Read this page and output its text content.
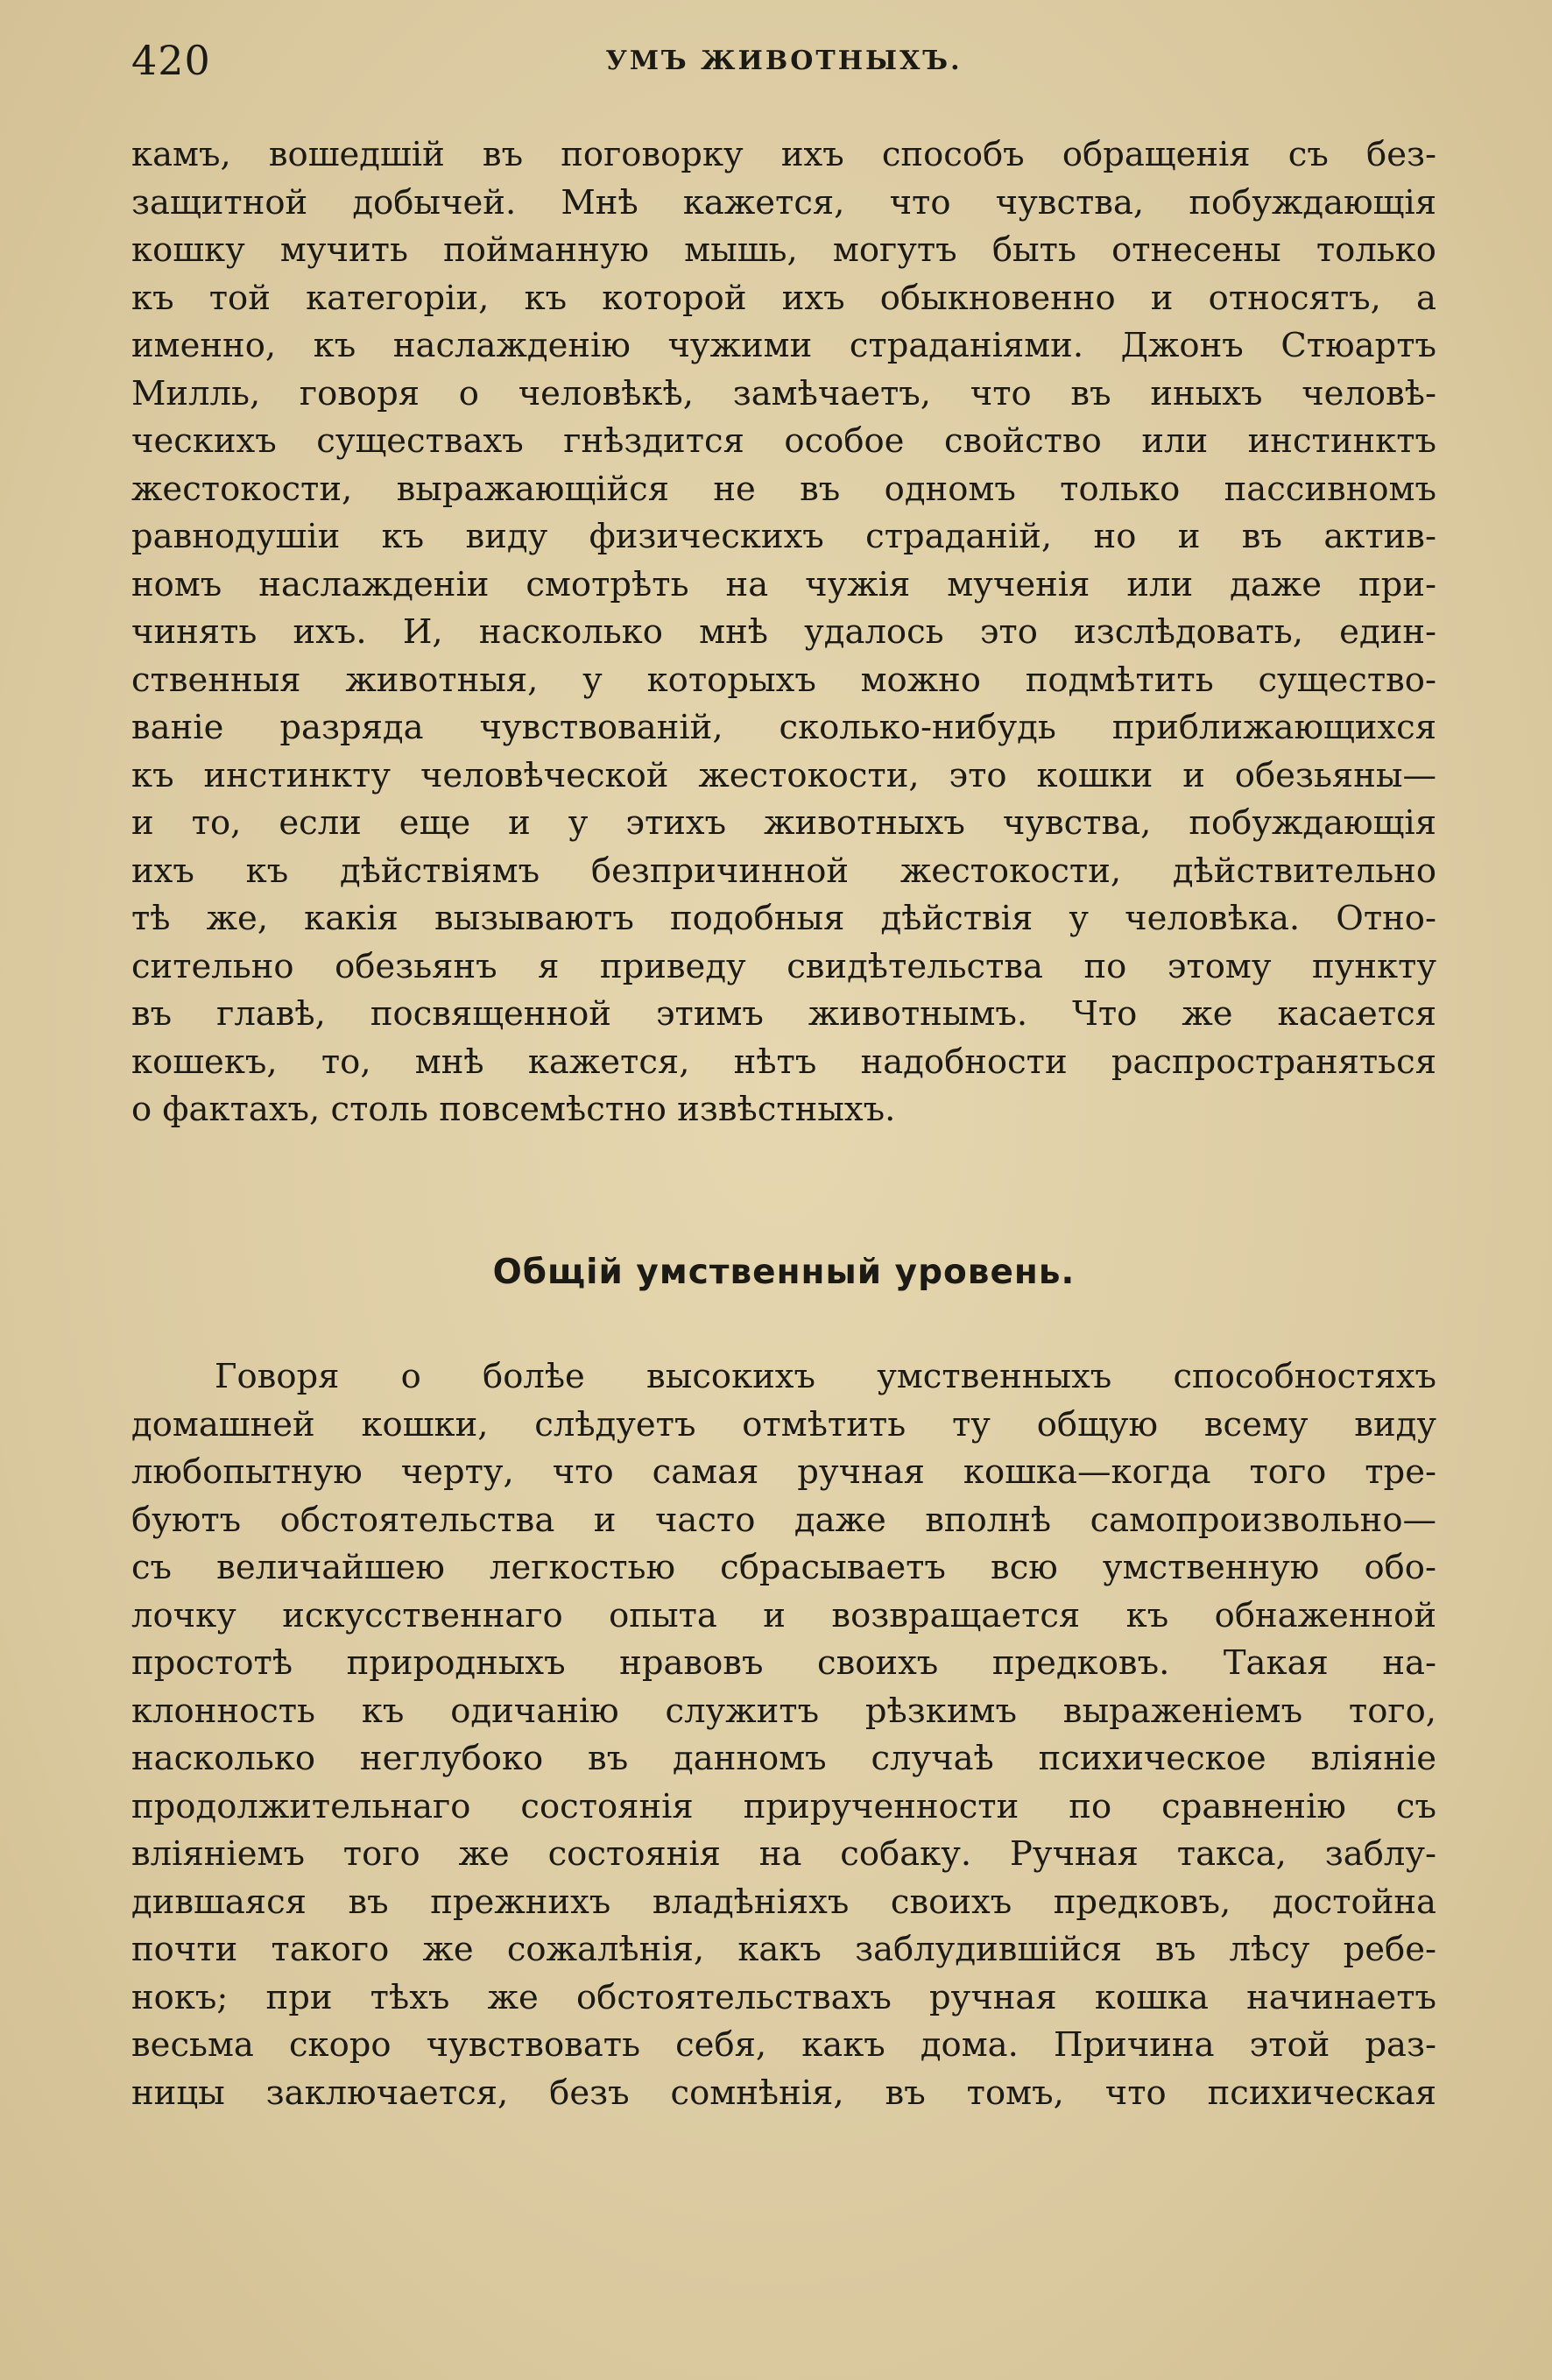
420	УМЪ ЖИВОТНЫХЪ.
камъ, вошедшій въ поговорку ихъ способъ обращенія съ без-
защитной добычей. Мнѣ кажется, что чувства, побуждающія
кошку мучить пойманную мышь, могутъ быть отнесены только
къ той категоріи, къ которой ихъ обыкновенно и относятъ, а
именно, къ наслажденію чужими страданіями. Джонъ Стюартъ
Милль, говоря о человѣкѣ, замѣчаетъ, что въ иныхъ человѣ-
ческихъ существахъ гнѣздится особое свойство или инстинктъ
жестокости, выражающійся не въ одномъ только пассивномъ
равнодушіи къ виду физическихъ страданій, но и въ актив-
номъ наслажденіи смотрѣть на чужія мученія или даже при-
чинять ихъ. И, насколько мнѣ удалось это изслѣдовать, един-
ственныя животныя, у которыхъ можно подмѣтить существо-
ваніе разряда чувствованій, сколько-нибудь приближающихся
къ инстинкту человѣческой жестокости, это кошки и обезьяны—
и то, если еще и у этихъ животныхъ чувства, побуждающія
ихъ къ дѣйствіямъ безпричинной жестокости, дѣйствительно
тѣ же, какія вызываютъ подобныя дѣйствія у человѣка. Отно-
сительно обезьянъ я приведу свидѣтельства по этому пункту
въ главѣ, посвященной этимъ животнымъ. Что же касается
кошекъ, то, мнѣ кажется, нѣтъ надобности распространяться
о фактахъ, столь повсемѣстно извѣстныхъ.
Общій умственный уровень.
Говоря о болѣе высокихъ умственныхъ способностяхъ
домашней кошки, слѣдуетъ отмѣтить ту общую всему виду
любопытную черту, что самая ручная кошка—когда того тре-
буютъ обстоятельства и часто даже вполнѣ самопроизвольно—
съ величайшею легкостью сбрасываетъ всю умственную обо-
лочку искусственнаго опыта и возвращается къ обнаженной
простотѣ природныхъ нравовъ своихъ предковъ. Такая на-
клонность къ одичанію служитъ рѣзкимъ выраженіемъ того,
насколько неглубоко въ данномъ случаѣ психическое вліяніе
продолжительнаго состоянія прирученности по сравненію съ
вліяніемъ того же состоянія на собаку. Ручная такса, заблу-
дившаяся въ прежнихъ владѣніяхъ своихъ предковъ, достойна
почти такого же сожалѣнія, какъ заблудившійся въ лѣсу ребе-
нокъ; при тѣхъ же обстоятельствахъ ручная кошка начинаетъ
весьма скоро чувствовать себя, какъ дома. Причина этой раз-
ницы заключается, безъ сомнѣнія, въ томъ, что психическая
